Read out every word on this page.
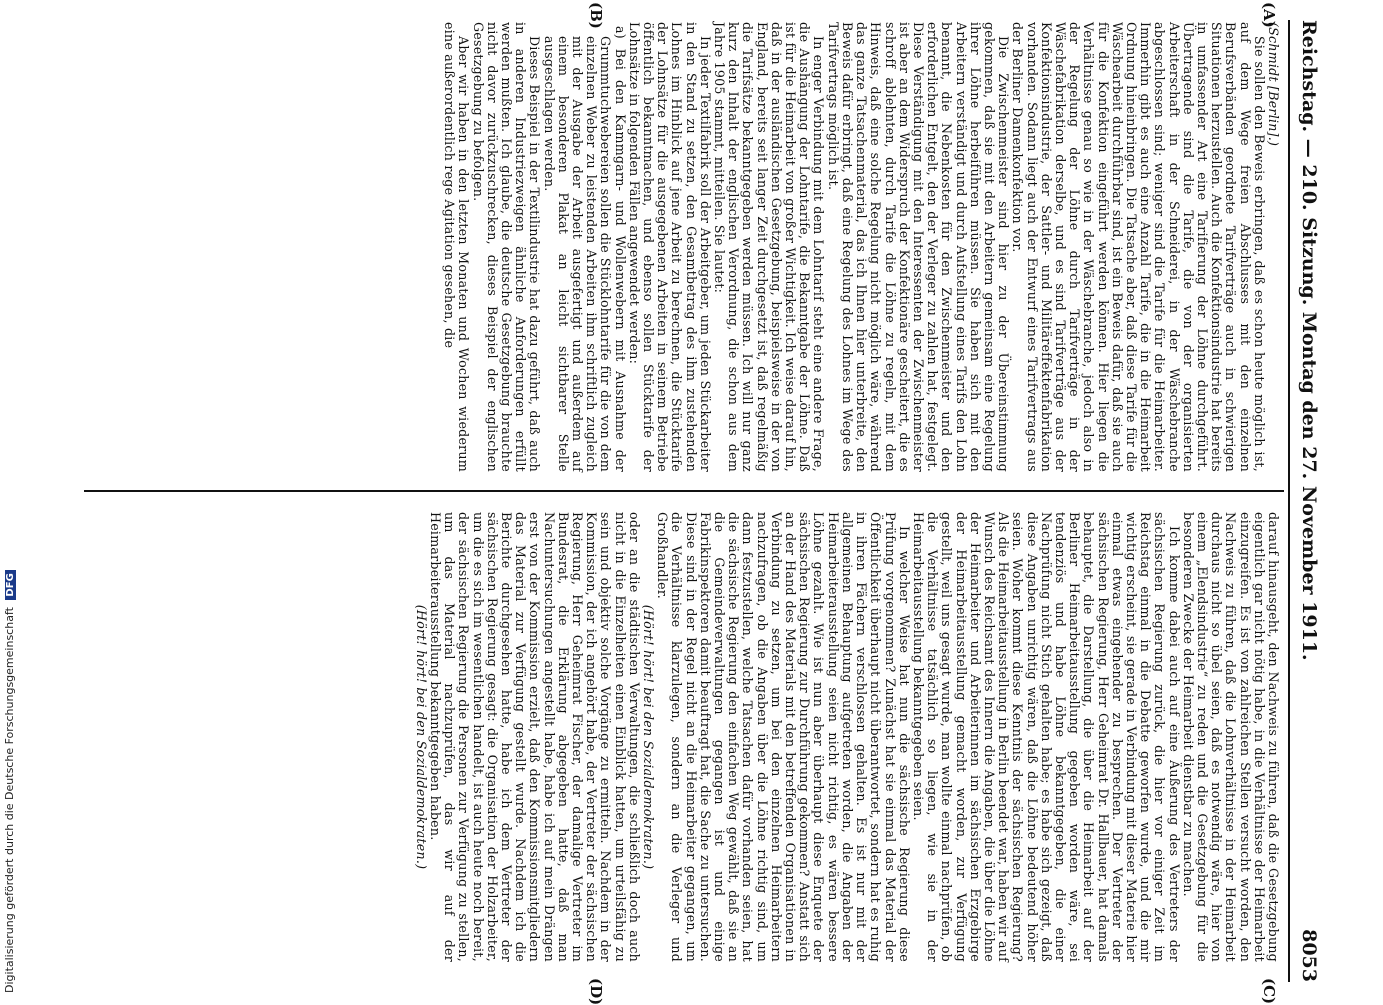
Digitalisierung gefördert durch die Deutsche Forschungsgemeinschaft DFG	Reichstag. — 210. Sitzung. Montag den 27. November 1911.
8053
(A)
(B)
(C)
(D)

(Schmidt [Berlin].)

Sie sollen den Beweis erbringen, daß es schon heute möglich ist, auf dem Wege freien Abschlusses mit den einzelnen Berufsverbänden geordnete Tarifverträge auch in schwierigen Situationen herzustellen. Auch die Konfektionsindustrie hat bereits in umfassender Art eine Tarifierung der Löhne durchgeführt. Übertragende sind die Tarife, die von der organisierten Arbeiterschaft in der Schneiderei, in der Wäschebranche abgeschlossen sind; weniger sind die Tarife für die Heimarbeiter. Immerhin gibt es auch eine Anzahl Tarife, die in die Heimarbeit Ordnung hineinbringen. Die Tatsache aber, daß diese Tarife für die Wäschearbeit durchführbar sind, ist ein Beweis dafür, daß sie auch für die Konfektion eingeführt werden können. Hier liegen die Verhältnisse genau so wie in der Wäschebranche, jedoch also in der Regelung der Löhne durch Tarifverträge in der Wäschefabrikation derselbe, und es sind Tarifverträge aus der Konfektionsindustrie, der Sattler- und Militäreffektenfabrikation vorhanden. Sodann liegt auch der Entwurf eines Tarifvertrags aus der Berliner Damenkonfektion vor.

Die Zwischenmeister sind hier zu der Übereinstimmung gekommen, daß sie mit den Arbeitern gemeinsam eine Regelung ihrer Löhne herbeiführen müssen. Sie haben sich mit den Arbeitern verständigt und durch Aufstellung eines Tarifs den Lohn benannt, die Nebenkosten für den Zwischenmeister und den erforderlichen Entgelt, den der Verleger zu zahlen hat, festgelegt. Diese Verständigung mit den Interessenten der Zwischenmeister ist aber an dem Widerspruch der Konfektionäre gescheitert, die es schroff ablehnten, durch Tarife die Löhne zu regeln, mit dem Hinweis, daß eine solche Regelung nicht möglich wäre, während das ganze Tatsachenmaterial, das ich Ihnen hier unterbreite, den Beweis dafür erbringt, daß eine Regelung des Lohnes im Wege des Tarifvertrags möglich ist.

In enger Verbindung mit dem Lohntarif steht eine andere Frage, die Aushängung der Lohntarife, die Bekanntgabe der Löhne. Daß ist für die Heimarbeit von großer Wichtigkeit. Ich weise darauf hin, daß in der ausländischen Gesetzgebung, beispielsweise in der von England, bereits seit langer Zeit durchgesetzt ist, daß regelmäßig die Tarifsätze bekanntgegeben werden müssen. Ich will nur ganz kurz den Inhalt der englischen Verordnung, die schon aus dem Jahre 1905 stammt, mitteilen. Sie lautet:

In jeder Textilfabrik soll der Arbeitgeber, um jeden Stückarbeiter in den Stand zu setzen, den Gesamtbetrag des ihm zustehenden Lohnes im Hinblick auf jene Arbeit zu berechnen, die Stücktarife der Lohnsätze für die ausgegebenen Arbeiten in seinem Betriebe öffentlich bekanntmachen, und ebenso sollen Stücktarife der Lohnsätze in folgenden Fällen angewendet werden:

a) Bei den Kammgarn- und Wollenwebern mit Ausnahme der Grummtuchwebereien sollen die Stücklohntarife für die von dem einzelnen Weber zu leistenden Arbeiten ihm schriftlich zugleich mit der Ausgabe der Arbeit ausgefertigt und außerdem auf einem besonderen Plakat an leicht sichtbarer Stelle ausgeschlagen werden.

Dieses Beispiel in der Textilindustrie hat dazu geführt, daß auch in anderen Industriezweigen ähnliche Anforderungen erfüllt werden mußten. Ich glaube, die deutsche Gesetzgebung brauchte nicht davor zurückzuschrecken, dieses Beispiel der englischen Gesetzgebung zu befolgen.

Aber wir haben in den letzten Monaten und Wochen wiederum eine außerordentlich rege Agitation gesehen, die

darauf hinausgeht, den Nachweis zu führen, daß die Gesetzgebung eigentlich gar nicht nötig habe, in die Verhältnisse der Heimarbeit einzugreifen. Es ist von zahlreichen Stellen versucht worden, den Nachweis zu führen, daß die Lohnverhältnisse in der Heimarbeit durchaus nicht so übel seien, daß es notwendig wäre, hier von einem „Elendsindustrie“ zu reden und die Gesetzgebung für die besonderen Zwecke der Heimarbeit dienstbar zu machen.

Ich komme dabei auch auf eine Äußerung des Vertreters der sächsischen Regierung zurück, die hier vor einiger Zeit im Reichstag einmal in die Debatte geworfen wurde, und die mir wichtig erscheint, sie gerade in Verbindung mit dieser Materie hier einmal etwas eingehender zu besprechen. Der Vertreter der sächsischen Regierung, Herr Geheimrat Dr. Hallbauer, hat damals behauptet, die Darstellung, die über die Heimarbeit auf der Berliner Heimarbeitausstellung gegeben worden wäre, sei tendenziös und habe Löhne bekanntgegeben, die einer Nachprüfung nicht Stich gehalten habe; es habe sich gezeigt, daß diese Angaben unrichtig wären, daß die Löhne bedeutend höher seien. Woher kommt diese Kenntnis der sächsischen Regierung? Als die Heimarbeitausstellung in Berlin beendet war, haben wir auf Wunsch des Reichsamt des Innern die Angaben, die über die Löhne der Heimarbeiter und Arbeiterinnen im sächsischen Erzgebirge der Heimarbeitausstellung gemacht worden, zur Verfügung gestellt, weil uns gesagt wurde, man wollte einmal nachprüfen, ob die Verhältnisse tatsächlich so liegen, wie sie in der Heimarbeitausstellung bekanntgegeben seien.

In welcher Weise hat nun die sächsische Regierung diese Prüfung vorgenommen? Zunächst hat sie einmal das Material der Öffentlichkeit überhaupt nicht überantwortet, sondern hat es ruhig in ihren Fächern verschlossen gehalten. Es ist nur mit der allgemeinen Behauptung aufgetreten worden, die Angaben der Heimarbeiterausstellung seien nicht richtig, es wären bessere Löhne gezahlt. Wie ist nun aber überhaupt diese Enquete der sächsischen Regierung zur Durchführung gekommen? Anstatt sich an der Hand des Materials mit den betreffenden Organisationen in Verbindung zu setzen, um bei den einzelnen Heimarbeitern nachzufragen, ob die Angaben über die Löhne richtig sind, um dann festzustellen, welche Tatsachen dafür vorhanden seien, hat die sächsische Regierung den einfachen Weg gewählt, daß sie an die Gemeindeverwaltungen gegangen ist und einige Fabrikinspektoren damit beauftragt hat, die Sache zu untersuchen. Diese sind in der Regel nicht an die Heimarbeiter gegangen, um die Verhältnisse klarzulegen, sondern an die Verleger und Großhandler.

(Hört! hört! bei den Sozialdemokraten.)

oder an die städtischen Verwaltungen, die schließlich doch auch nicht in die Einzelheiten einen Einblick hatten, um urteilsfähig zu sein und objektiv solche Vorgänge zu ermitteln. Nachdem in der Kommission, der ich angehört habe, der Vertreter der sächsischen Regierung, Herr Geheimrat Fischer, der damalige Vertreter im Bundesrat, die Erklärung abgegeben hatte, daß man Nachuntersuchungen angestellt habe, habe ich auf mein Drängen erst von der Kommission erzielt, daß den Kommissionsmitgliedern das Material zur Verfügung gestellt wurde. Nachdem ich die Berichte durchgesehen hatte, habe ich dem Vertreter der sächsischen Regierung gesagt: die Organisation der Holzarbeiter, um die es sich im wesentlichen handelt, ist auch heute noch bereit, der sächsischen Regierung die Personen zur Verfügung zu stellen, um das Material nachzuprüfen, das wir auf der Heimarbeiterausstellung bekanntgegeben haben.

(Hört! hört! bei den Sozialdemokraten.)
